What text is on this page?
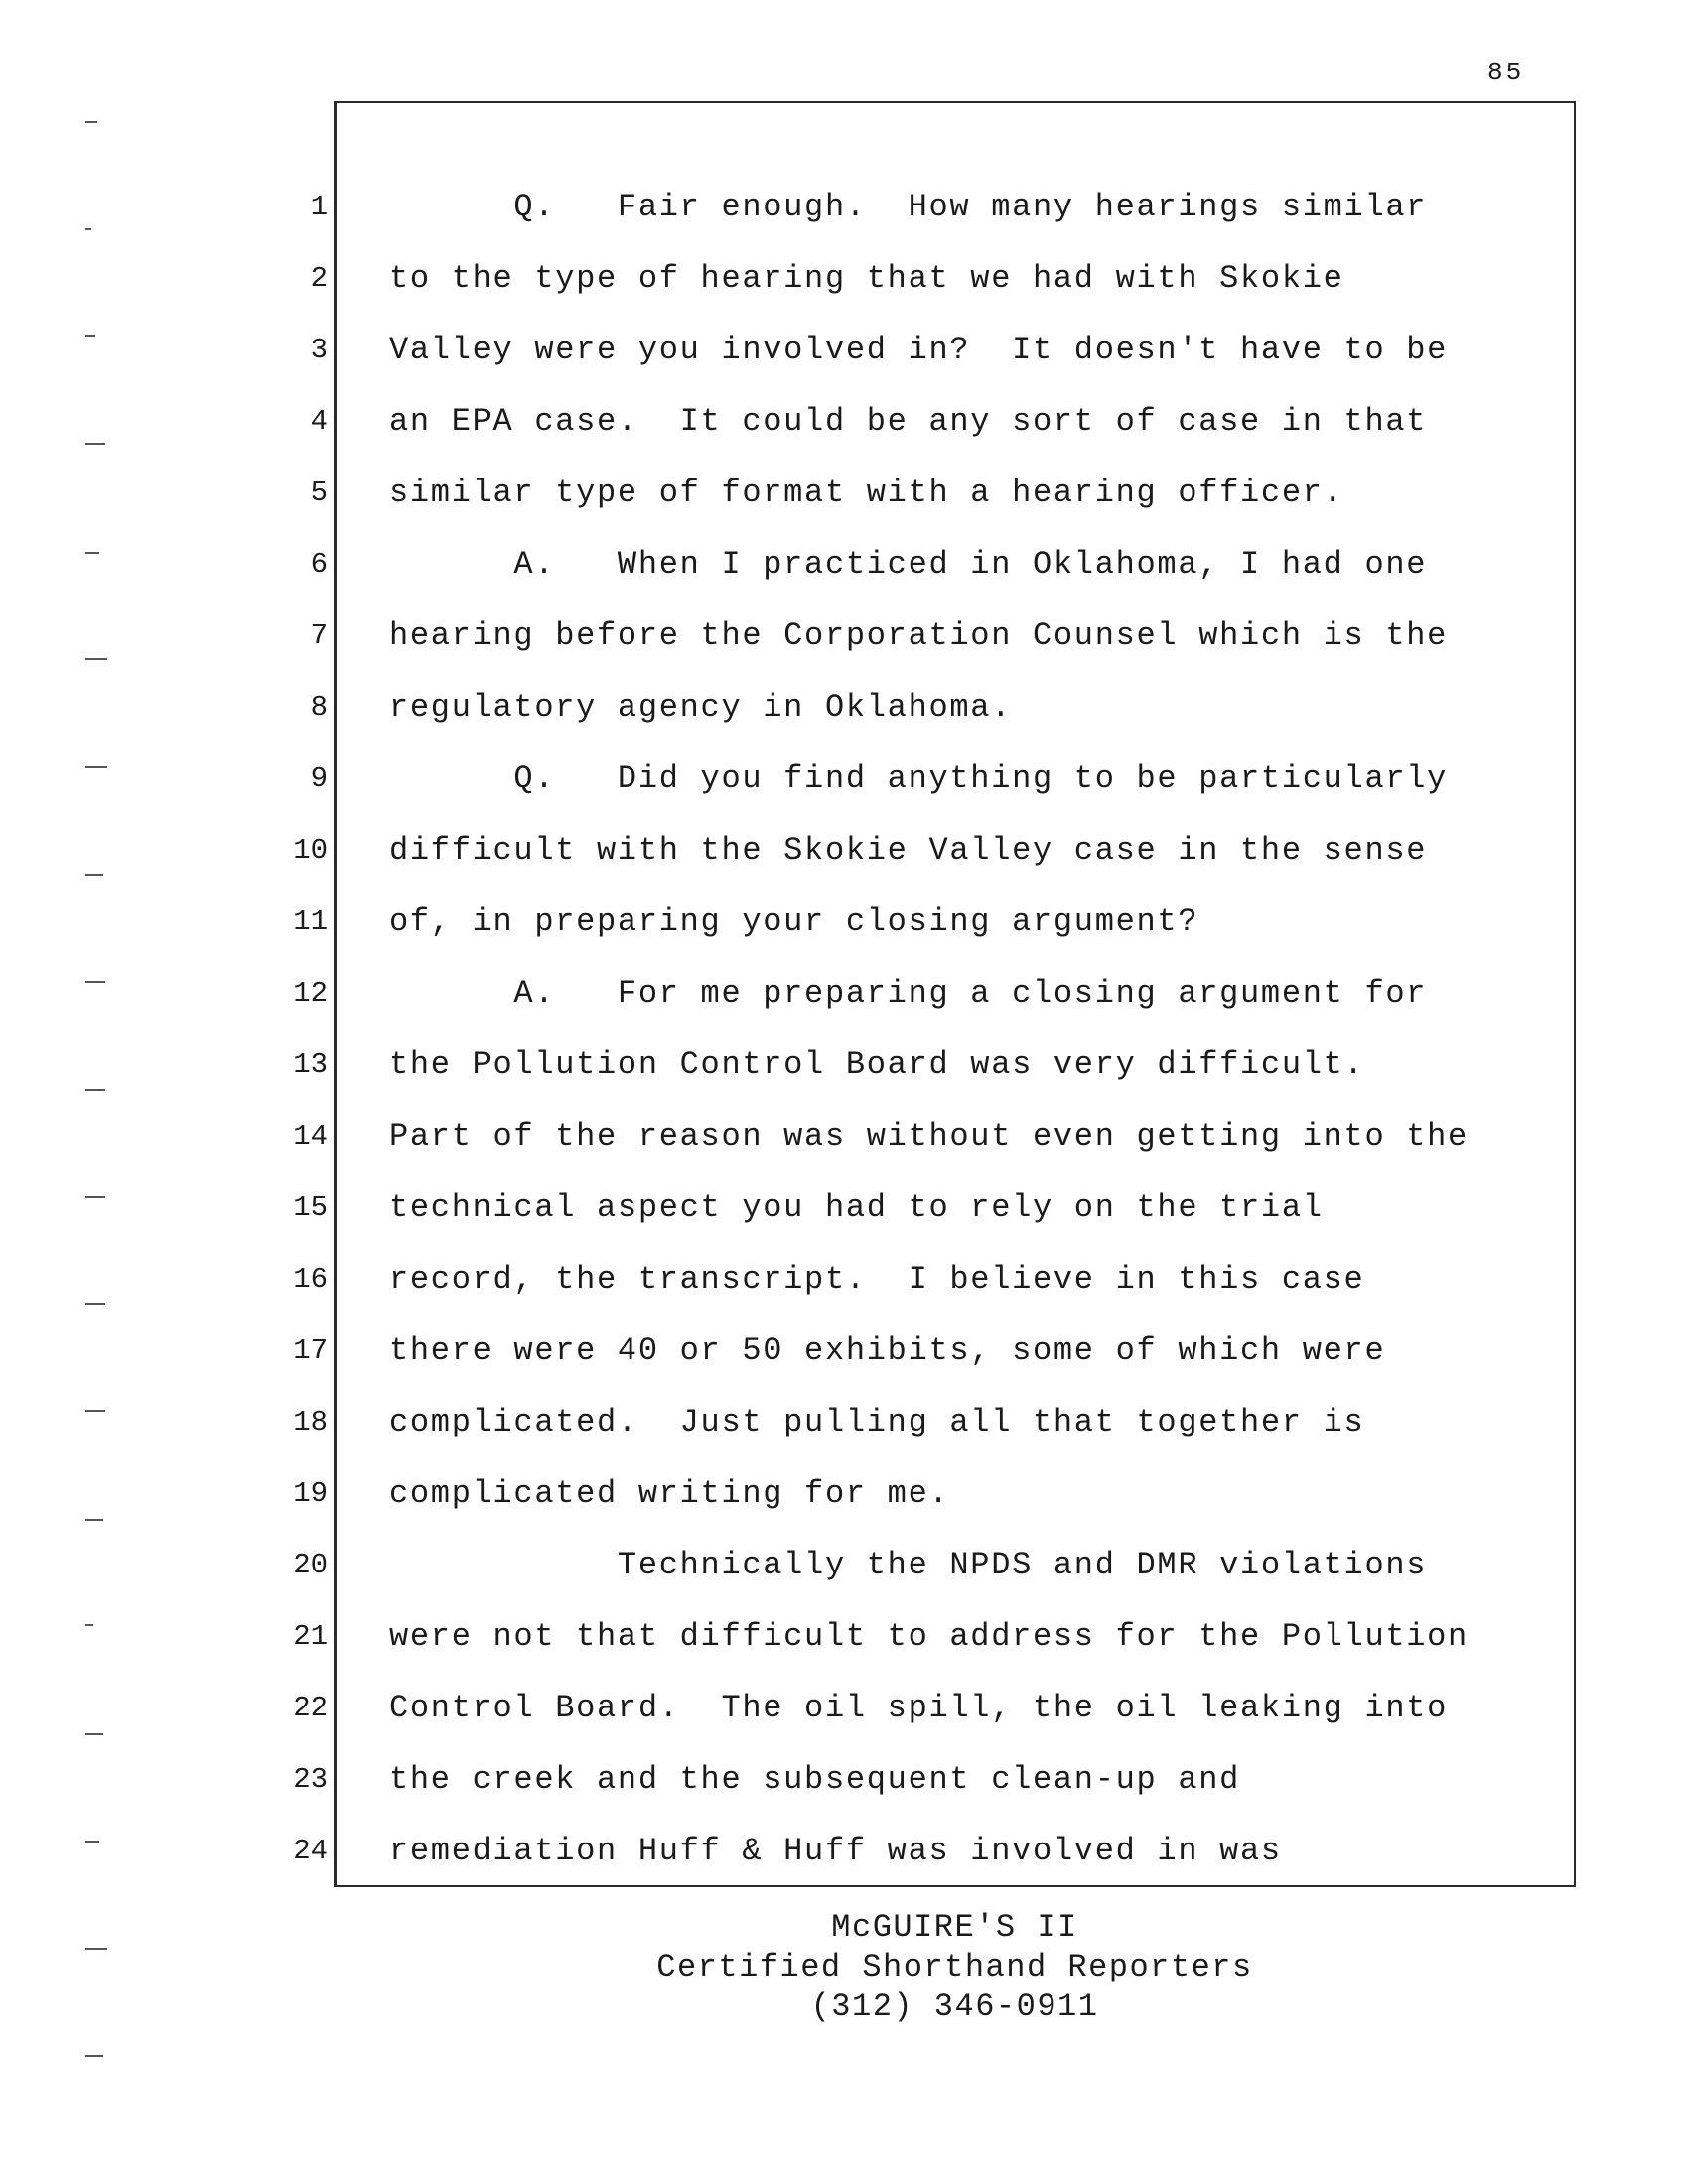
85
1
2
3
4
5
6
7
8
9
10
11
12
13
14
15
16
17
18
19
20
21
22
23
24
Q.   Fair enough.  How many hearings similar
to the type of hearing that we had with Skokie
Valley were you involved in?  It doesn't have to be
an EPA case.  It could be any sort of case in that
similar type of format with a hearing officer.
A.   When I practiced in Oklahoma, I had one
hearing before the Corporation Counsel which is the
regulatory agency in Oklahoma.
Q.   Did you find anything to be particularly
difficult with the Skokie Valley case in the sense
of, in preparing your closing argument?
A.   For me preparing a closing argument for
the Pollution Control Board was very difficult.
Part of the reason was without even getting into the
technical aspect you had to rely on the trial
record, the transcript.  I believe in this case
there were 40 or 50 exhibits, some of which were
complicated.  Just pulling all that together is
complicated writing for me.
Technically the NPDS and DMR violations
were not that difficult to address for the Pollution
Control Board.  The oil spill, the oil leaking into
the creek and the subsequent clean-up and
remediation Huff & Huff was involved in was
McGUIRE'S II
Certified Shorthand Reporters
(312) 346-0911
